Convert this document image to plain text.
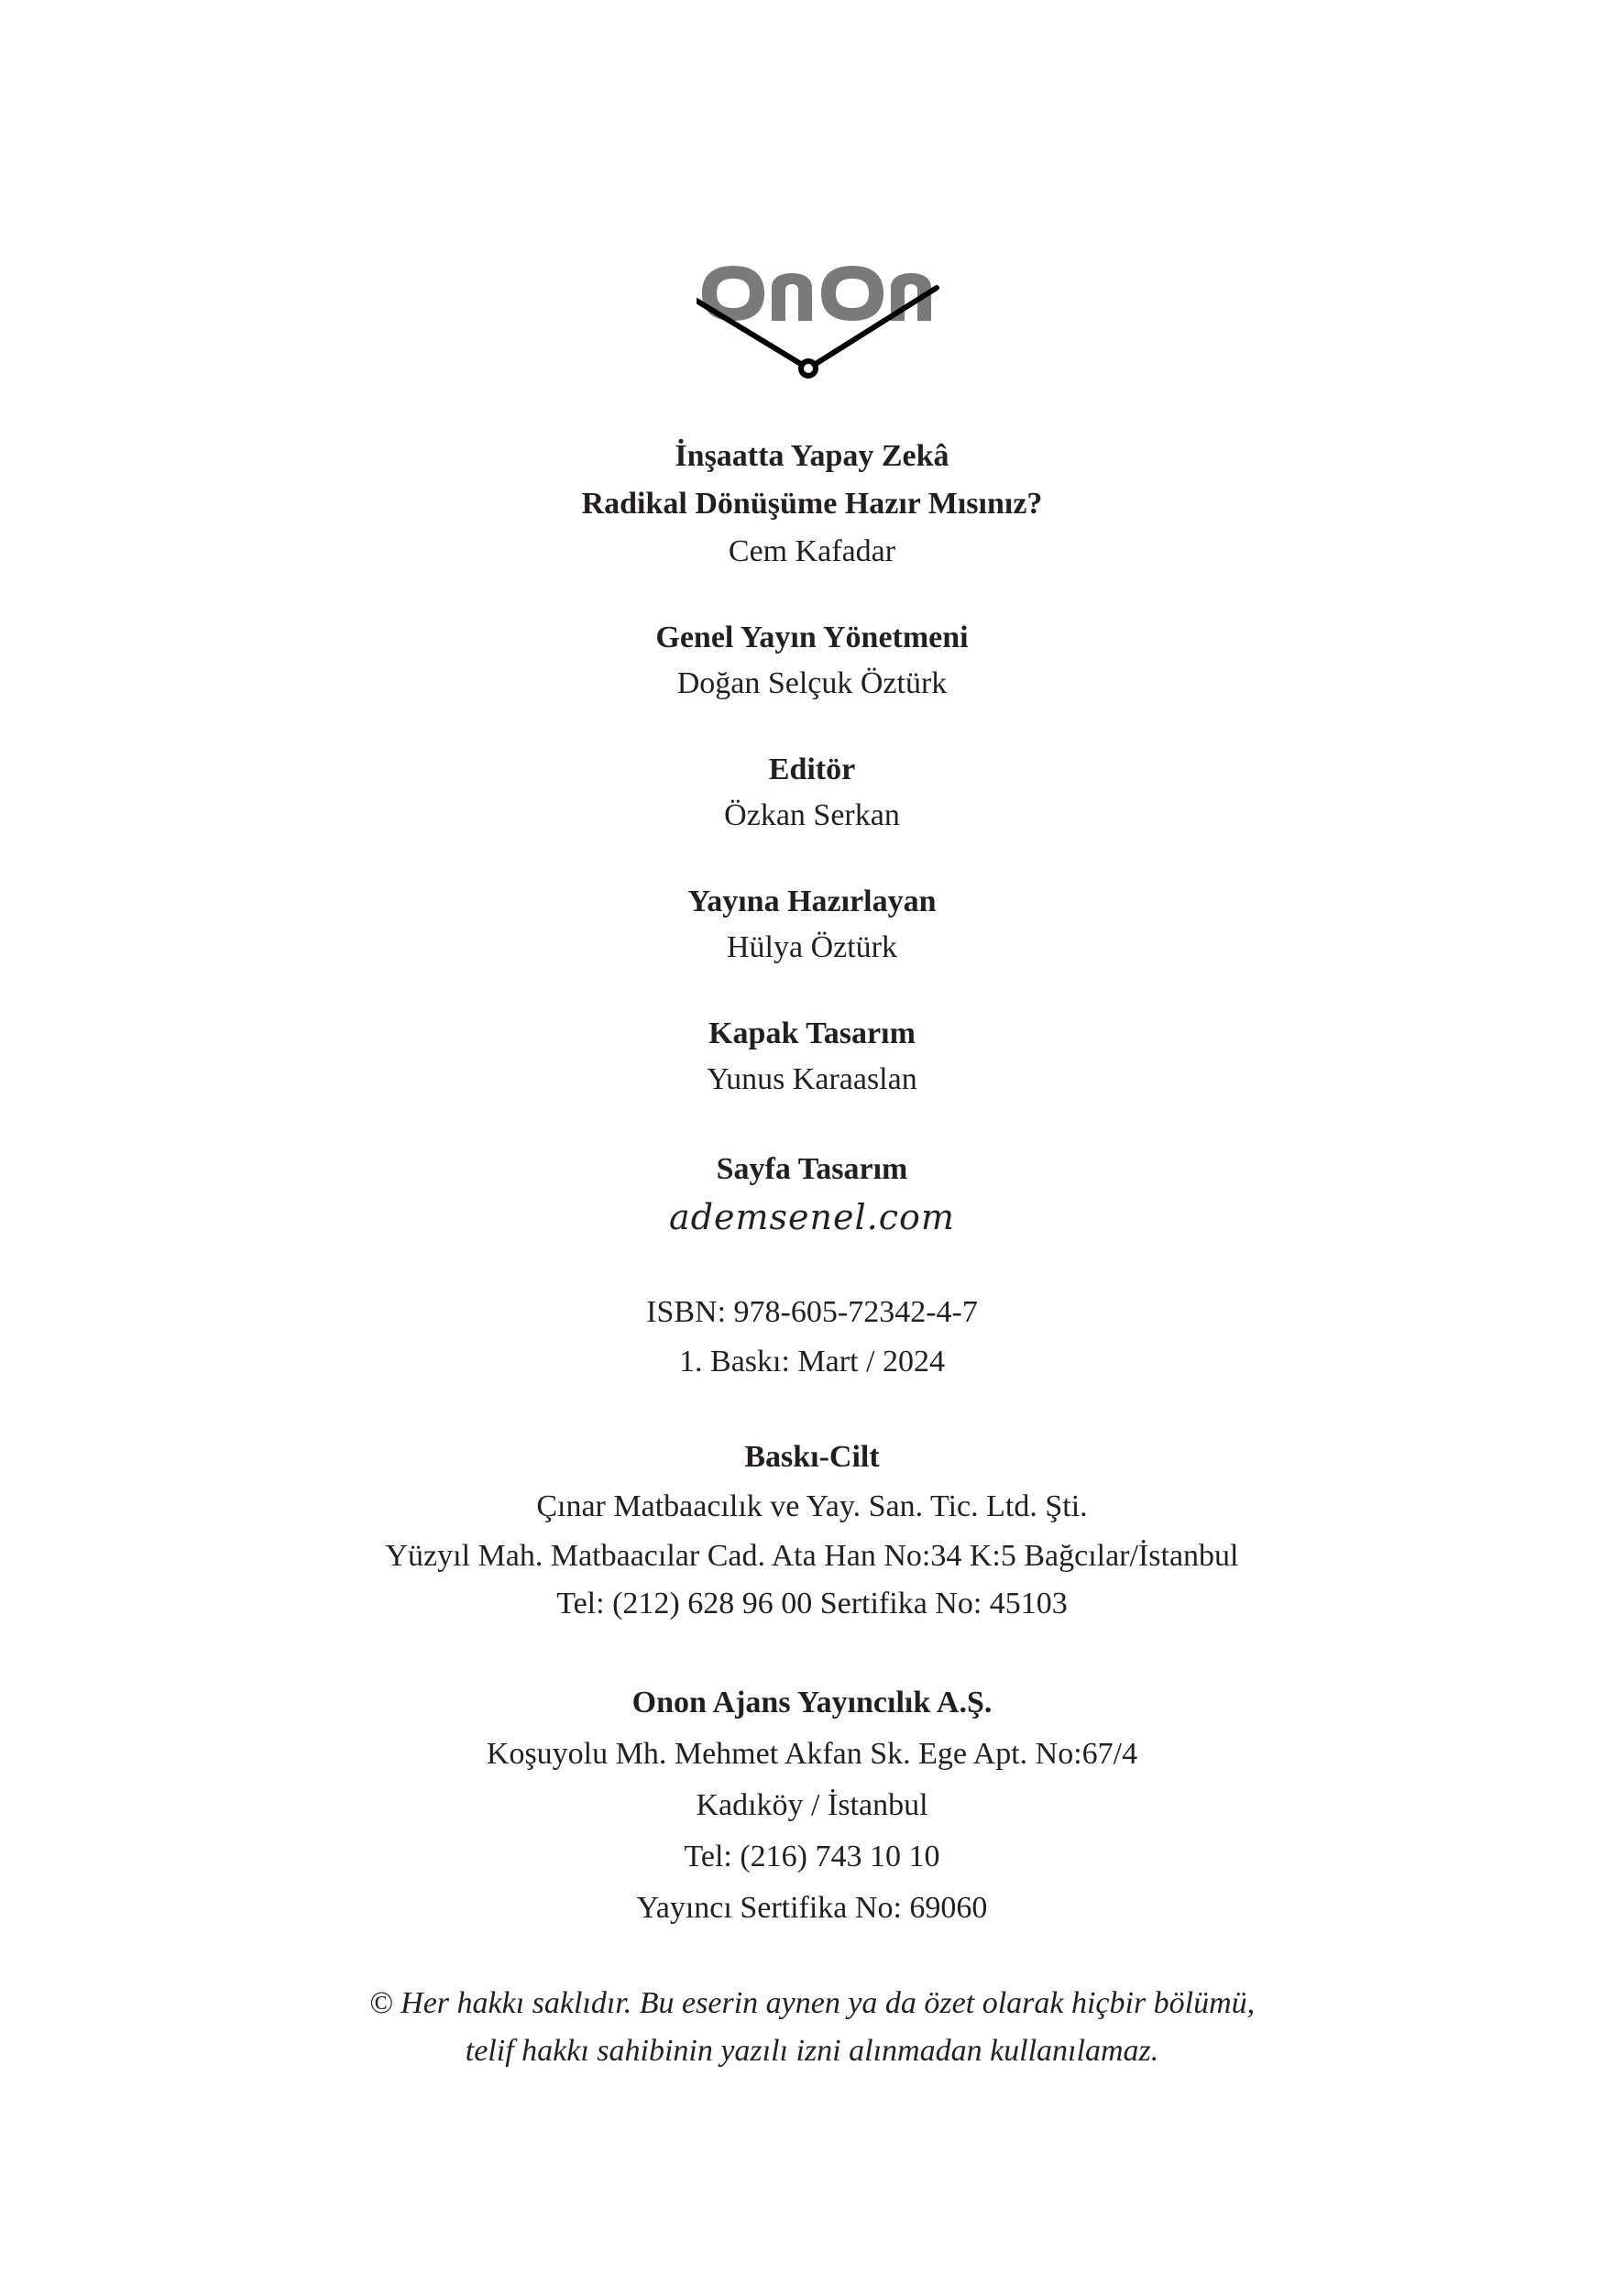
İnşaatta Yapay Zekâ
Radikal Dönüşüme Hazır Mısınız?
Cem Kafadar
Genel Yayın Yönetmeni
Doğan Selçuk Öztürk
Editör
Özkan Serkan
Yayına Hazırlayan
Hülya Öztürk
Kapak Tasarım
Yunus Karaaslan
Sayfa Tasarım
ademsenel.com
ISBN: 978-605-72342-4-7
1. Baskı: Mart / 2024
Baskı-Cilt
Çınar Matbaacılık ve Yay. San. Tic. Ltd. Şti.
Yüzyıl Mah. Matbaacılar Cad. Ata Han No:34 K:5 Bağcılar/İstanbul
Tel: (212) 628 96 00 Sertifika No: 45103
Onon Ajans Yayıncılık A.Ş.
Koşuyolu Mh. Mehmet Akfan Sk. Ege Apt. No:67/4
Kadıköy / İstanbul
Tel: (216) 743 10 10
Yayıncı Sertifika No: 69060
© Her hakkı saklıdır. Bu eserin aynen ya da özet olarak hiçbir bölümü,
telif hakkı sahibinin yazılı izni alınmadan kullanılamaz.
